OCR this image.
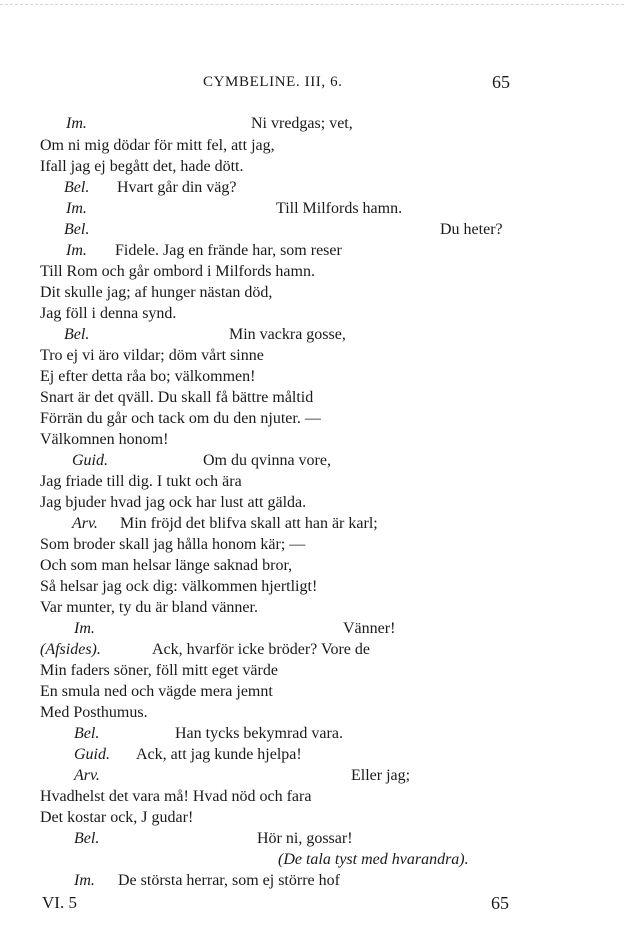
CYMBELINE. III, 6.	65
Im.	Ni vredgas; vet,
Om ni mig dödar för mitt fel, att jag,
Ifall jag ej begått det, hade dött.
Bel. Hvart går din väg?
Im.	Till Milfords hamn.
Bel.	Du heter?
Im. Fidele. Jag en frände har, som reser
Till Rom och går ombord i Milfords hamn.
Dit skulle jag; af hunger nästan död,
Jag föll i denna synd.
Bel.	Min vackra gosse,
Tro ej vi äro vildar; döm vårt sinne
Ej efter detta råa bo; välkommen!
Snart är det qväll. Du skall få bättre måltid
Förrän du går och tack om du den njuter. —
Välkomnen honom!
Guid.	Om du qvinna vore,
Jag friade till dig. I tukt och ära
Jag bjuder hvad jag ock har lust att gälda.
Arv. Min fröjd det blifva skall att han är karl;
Som broder skall jag hålla honom kär; —
Och som man helsar länge saknad bror,
Så helsar jag ock dig: välkommen hjertligt!
Var munter, ty du är bland vänner.
Im.	Vänner!
(Afsides).	Ack, hvarför icke bröder? Vore de
Min faders söner, föll mitt eget värde
En smula ned och vägde mera jemnt
Med Posthumus.
Bel.	Han tycks bekymrad vara.
Guid. Ack, att jag kunde hjelpa!
Arv.	Eller jag;
Hvadhelst det vara må! Hvad nöd och fara
Det kostar ock, J gudar!
Bel.	Hör ni, gossar!
(De tala tyst med hvarandra).
Im. De största herrar, som ej större hof
VI. 5	65
